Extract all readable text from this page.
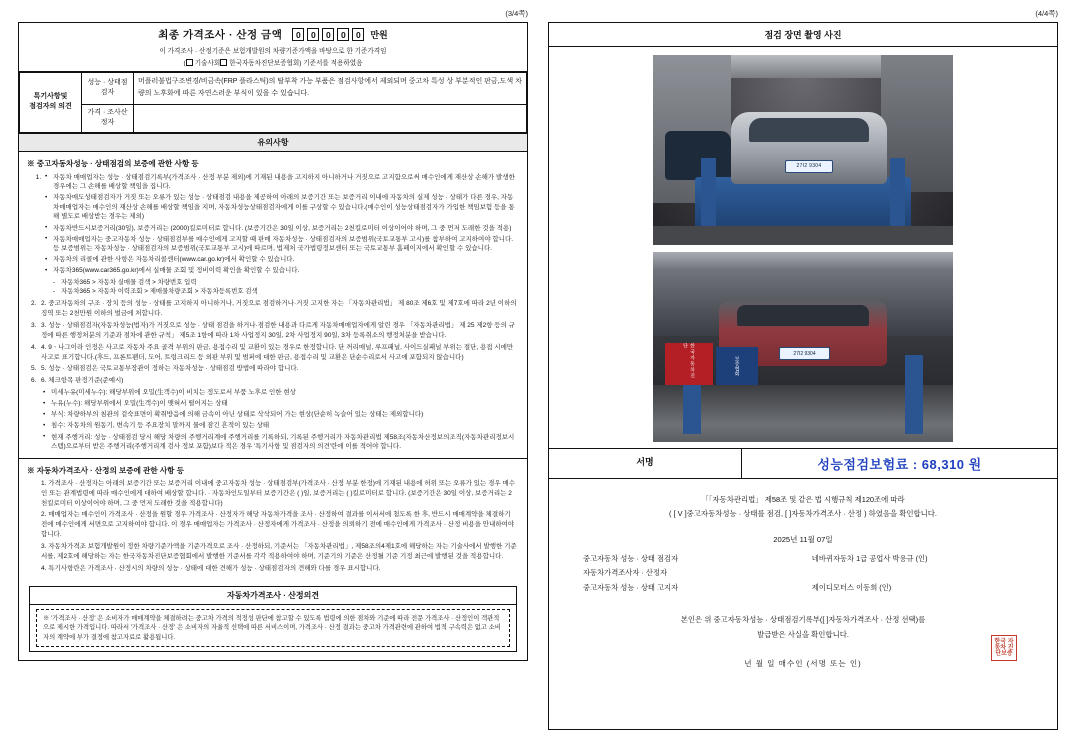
(3/4쪽)
최종 가격조사 · 산정 금액	0	0	0	0	0	만원
이 가격조사 · 산정기준은 보험개발원의 차량기준가액을 바탕으로 한 기준가격임
( 기술사회 한국자동차진단보증협회) 기준서를 적용하였음
특기사항및
점검자의 의견	성능 · 상태점검자	머플러불법구조변경/비금속(FRP 플라스틱)의 탈부착 가능 부품은 점검사항에서 제외되며 중고차 특성 상 부분적인 판금,도색 차량의 노후화에 따른 자연스러운 부식이 있을 수 있습니다.
	가격 · 조사산정자	
유의사항
※ 중고자동차성능 · 상태점검의 보증에 관한 사항 등
• 1. 자동차 매매업자는 성능 · 상태점검기록부(가격조사 · 산정 부분 제외)에 기재된 내용을 고지하지 아니하거나 거짓으로 고지함으로써 매수인에게 재산상 손해가 발생한 경우에는 그 손해를 배상할 책임을 집니다.
• 자동차매도성태점검자가 거짓 또는 오류가 있는 성능 · 상태점검 내용을 제공하여 아래의 보증기간 또는 보증거리 이내에 자동차의 실제 성능 · 상태가 다른 경우, 자동차매매업자는 매수인의 재산상 손해를 배상할 책임을 지며, 자동차성능상태점검자에게 이를 구상할 수 있습니다.(매수인이 성능상태점검자가 가입한 책임보험 등을 통해 별도로 배상받는 경우는 제외)
• 자동차반드시보증거리(30일), 보증거리는 (2000)킬로미터로 합니다. (보증기간은 30일 이상, 보증거리는 2천킬로미터 이상이어야 하며, 그 중 먼저 도래한 것을 적용)
• 자동차매매업자는 중고자동차 성능 · 상태점검부를 매수인에게 고지할 때 판매 자동차성능 · 상태점검자의 보증범위(국토교통부 고시)를 참부하여 고지하여야 합니다. 등 보증범위는 자동차성능 · 상태점검자의 보증범위(국토교통부 고시)에 따르며, 법제처 국가법령정보센터 또는 국토교통부 홈페이지에서 확인할 수 있습니다.
• 자동차의 리콜에 관한 사항은 자동차리콜센터(www.car.go.kr)에서 확인할 수 있습니다.
• 자동차365(www.car365.go.kr)에서 실매물 조회 및 정비이력 확인을 확인할 수 있습니다.
- 자동차365 > 자동차 실매물 검색 > 차량번호 입력
- 자동차365 > 자동차 이력조회 > 제매물차량조회 > 자동차등록번호 검색
2. 2. 중고자동차의 구조 · 장치 등의 성능 · 상태를 고지하지 아니하거나, 거짓으로 점검하거나·거짓 고지한 자는 「자동차관리법」 제 80조 제6호 및 제7호에 따라 2년 이하의 징역 또는 2천만원 이하의 벌금에 처합니다.
3. 3. 성능 · 상태점검자(자동차성능(법자)가 거짓으로 성능 · 상태 점검을 하거나·점검한 내용과 다르게 자동차매매업자에게 알린 경우 「자동차관리법」 제 25 제2항 등의 규정에 따른 행정처분의 기준과 점차에 관한 규칙」 제5조 1항에 따라 1차 사업정지 30일, 2차 사업정지 90일, 3차 등록취소의 행정처분을 받습니다.
4. 4. 9ㆍ나그이라 인정은 사고로 자동차 주요 골격 부위의 판금, 용접수리 및 교환이 있는 경우로 한정합니다. 단 꺼리매널, 루프패널, 사이드실패널 부위는 절단, 용접 시에만 사고로 표기합니다.(후드, 프론트팬더, 도어, 트렁크리드 등 외판 부위 및 범퍼에 대한 판금, 용접수리 및 교환은 단순수리로서 사고에 포함되지 않습니다)
5. 5. 성능 · 상태점검은 국토교통부장관이 정하는 자동차성능 · 상태점검 방법에 따라야 합니다.
6. 6. 체크항목 판정기준(준예시)
• 미세누유(미세누수): 해당부위에 오밀(生객수)이 비치는 정도로서 부품 노후로 인한 현상
• 누유(누수): 해당부위에서 오밀(生객수)이 맺혀서 떨어지는 상태
• 부식: 차량하부의 침관의 겉숙표면이 확취방음에 의해 금속이 아닌 상태로 삭삭되어 가는 현상(단순히 녹슬어 있는 상태는 제외합니다)
• 침수: 자동차의 원동기, 변속기 등 주요장치 말까지 물에 잠긴 흔적이 있는 상태
• 현재 주행거리: 성능 · 상태점검 당시 해당 차량의 주행거리계에 주행거리를 기록하되, 기록된 주행거리가 자동차관리법 제58조(자동차산정보의조직(자동차관리정보시스템)으로부터 받은 주행거리(주행거리계 검사 정보 포함)보다 적은 경우 '특기사항 및 점검자의 의견'란에 이를 적어야 합니다.
※ 자동차가격조사 · 산정의 보증에 관한 사항 등
1. 가격조사 · 산정자는 아래의 보증기간 또는 보증거리 이내에 중고자동차 성능 · 상태점검부(가격조사 · 산정 부분 한정)에 기재된 내용에 허위 또는 오류가 있는 경우 매수인 또는 관계법령에 따라 매수인에게 대하여 배상할 합니다. · 자동차인도일부터 보증기간은 ( )일, 보증거리는 ( )킬로미터로 합니다. (보증기간은 30일 이상, 보증거리는 2천킬로미터 이상이어야 하며, 그 중 먼저 도래한 것을 적용합니다)
2. 매매업자는 매수인이 가격조사 · 산정을 원할 경우 가격조사 · 산정자가 해당 자동차가격을 조사 · 산정하여 결과를 이서서에 첨도록 한 후, 반드시 매매계약을 체결하기 전에 매수인에게 서면으로 고지하여야 합니다. 이 경우 매매업자는 가격조사 · 산정자에게 가격조사 · 산정을 의뢰하기 전에 매수인에게 가격조사 · 산정 비용을 안내하여야 합니다.
3. 자동차가격조 보험개발원이 정한 차량기준가액을 기준가격으로 조사 · 산정하되, 기준서는 「자동차관리법」, 제58조의4제1호에 해당하는 자는 기술사에서 발행한 기준서를, 제2호에 해당하는 자는 한국자동차진단보증협회에서 발행한 기준서를 각각 적용하여야 하며, 기준기의 기준은 산정될 기준 기정 최근에 발행된 것을 적용합니다.
4. 특기사항란은 가격조사 · 산정시의 차량의 성능 · 상태에 대한 견해가 성능 · 상태점검자의 견해와 다를 경우 표시합니다.
자동차가격조사 · 산정의견
※ '가격조사 · 산정' 은 소비자가 매매계약을 체결하려는 중고차 가격의 적정성 판단에 참고할 수 있도록 법령에 의한 점차와 기준에 따라 전문 가격조사 · 산정인이 객관적으로 제시한 가격입니다. 따라서 '가격조사 · 산정' 은 소비자의 자율적 선택에 따른 서비스이며, 가격조사 · 산정 결과는 중고차 가격관련에 관하여 법적 구속력은 없고 소비자의 계약에 부가 결정에 참고자료로 활용됩니다.
(4/4쪽)
점검 장면 촬영 사진
27I2 9304
27I2 9304
한국자동차진단
보증협회
서명	성능점검보험료 : 68,310 원
「「자동차관리법」 제58조 및 같은 법 시행규칙 제120조에 따라
( [ V ]중고자동차성능 · 상태를 점검, [ ]자동차가격조사 · 산정 ) 하였음을 확인합니다.
2025년 11월 07일
중고자동차 성능 · 상태 점검자	네바퀴자동차 1급 공업사 박용규 (인)
자동차가격조사자 · 산정자
중고자동차 성능 · 상태 고지자	제이디모터스 이동희 (인)
한국 자동차 진단보증
본인은 위 중고자동차성능 · 상태점검기록부([ ]자동차가격조사 · 산정 선택)를
발급받은 사실을 확인합니다.
년 월 일 매수인 (서명 또는 인)
